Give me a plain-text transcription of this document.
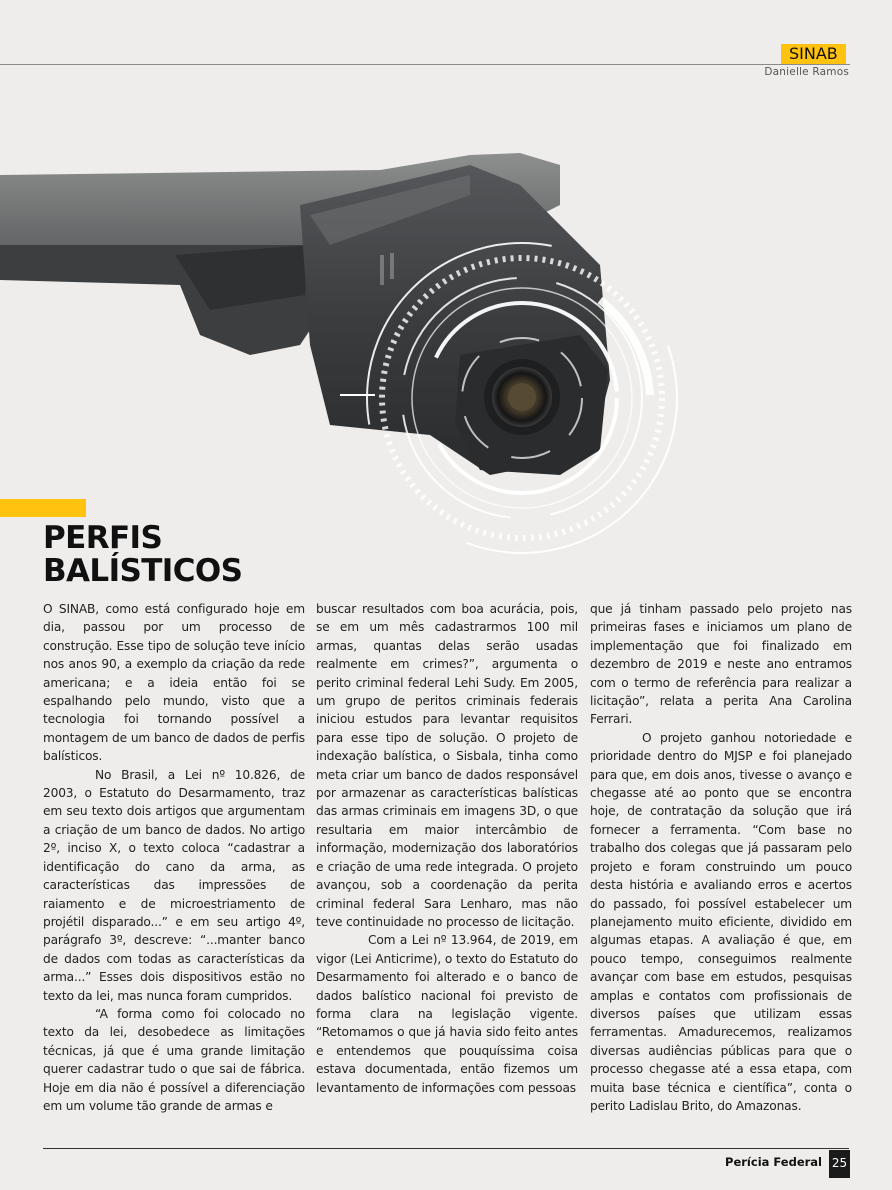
SINAB
Danielle Ramos
PERFIS
BALÍSTICOS

O SINAB, como está configurado hoje em dia, passou por um processo de construção. Esse tipo de solução teve início nos anos 90, a exemplo da criação da rede americana; e a ideia então foi se espalhando pelo mundo, visto que a tecnologia foi tornando possível a montagem de um banco de dados de perfis balísticos.

No Brasil, a Lei nº 10.826, de 2003, o Estatuto do Desarmamento, traz em seu texto dois artigos que argumentam a criação de um banco de dados. No artigo 2º, inciso X, o texto coloca “cadastrar a identificação do cano da arma, as características das impressões de raiamento e de microestriamento de projétil disparado...” e em seu artigo 4º, parágrafo 3º, descreve: “...manter banco de dados com todas as características da arma...” Esses dois dispositivos estão no texto da lei, mas nunca foram cumpridos.

“A forma como foi colocado no texto da lei, desobedece as limitações técnicas, já que é uma grande limitação querer cadastrar tudo o que sai de fábrica. Hoje em dia não é possível a diferenciação em um volume tão grande de armas e

buscar resultados com boa acurácia, pois, se em um mês cadastrarmos 100 mil armas, quantas delas serão usadas realmente em crimes?”, argumenta o perito criminal federal Lehi Sudy. Em 2005, um grupo de peritos criminais federais iniciou estudos para levantar requisitos para esse tipo de solução. O projeto de indexação balística, o Sisbala, tinha como meta criar um banco de dados responsável por armazenar as características balísticas das armas criminais em imagens 3D, o que resultaria em maior intercâmbio de informação, modernização dos laboratórios e criação de uma rede integrada. O projeto avançou, sob a coordenação da perita criminal federal Sara Lenharo, mas não teve continuidade no processo de licitação.

Com a Lei nº 13.964, de 2019, em vigor (Lei Anticrime), o texto do Estatuto do Desarmamento foi alterado e o banco de dados balístico nacional foi previsto de forma clara na legislação vigente. “Retomamos o que já havia sido feito antes e entendemos que pouquíssima coisa estava documentada, então fizemos um levantamento de informações com pessoas

que já tinham passado pelo projeto nas primeiras fases e iniciamos um plano de implementação que foi finalizado em dezembro de 2019 e neste ano entramos com o termo de referência para realizar a licitação”, relata a perita Ana Carolina Ferrari.

O projeto ganhou notoriedade e prioridade dentro do MJSP e foi planejado para que, em dois anos, tivesse o avanço e chegasse até ao ponto que se encontra hoje, de contratação da solução que irá fornecer a ferramenta. “Com base no trabalho dos colegas que já passaram pelo projeto e foram construindo um pouco desta história e avaliando erros e acertos do passado, foi possível estabelecer um planejamento muito eficiente, dividido em algumas etapas. A avaliação é que, em pouco tempo, conseguimos realmente avançar com base em estudos, pesquisas amplas e contatos com profissionais de diversos países que utilizam essas ferramentas. Amadurecemos, realizamos diversas audiências públicas para que o processo chegasse até a essa etapa, com muita base técnica e científica”, conta o perito Ladislau Brito, do Amazonas.

Perícia Federal 25
